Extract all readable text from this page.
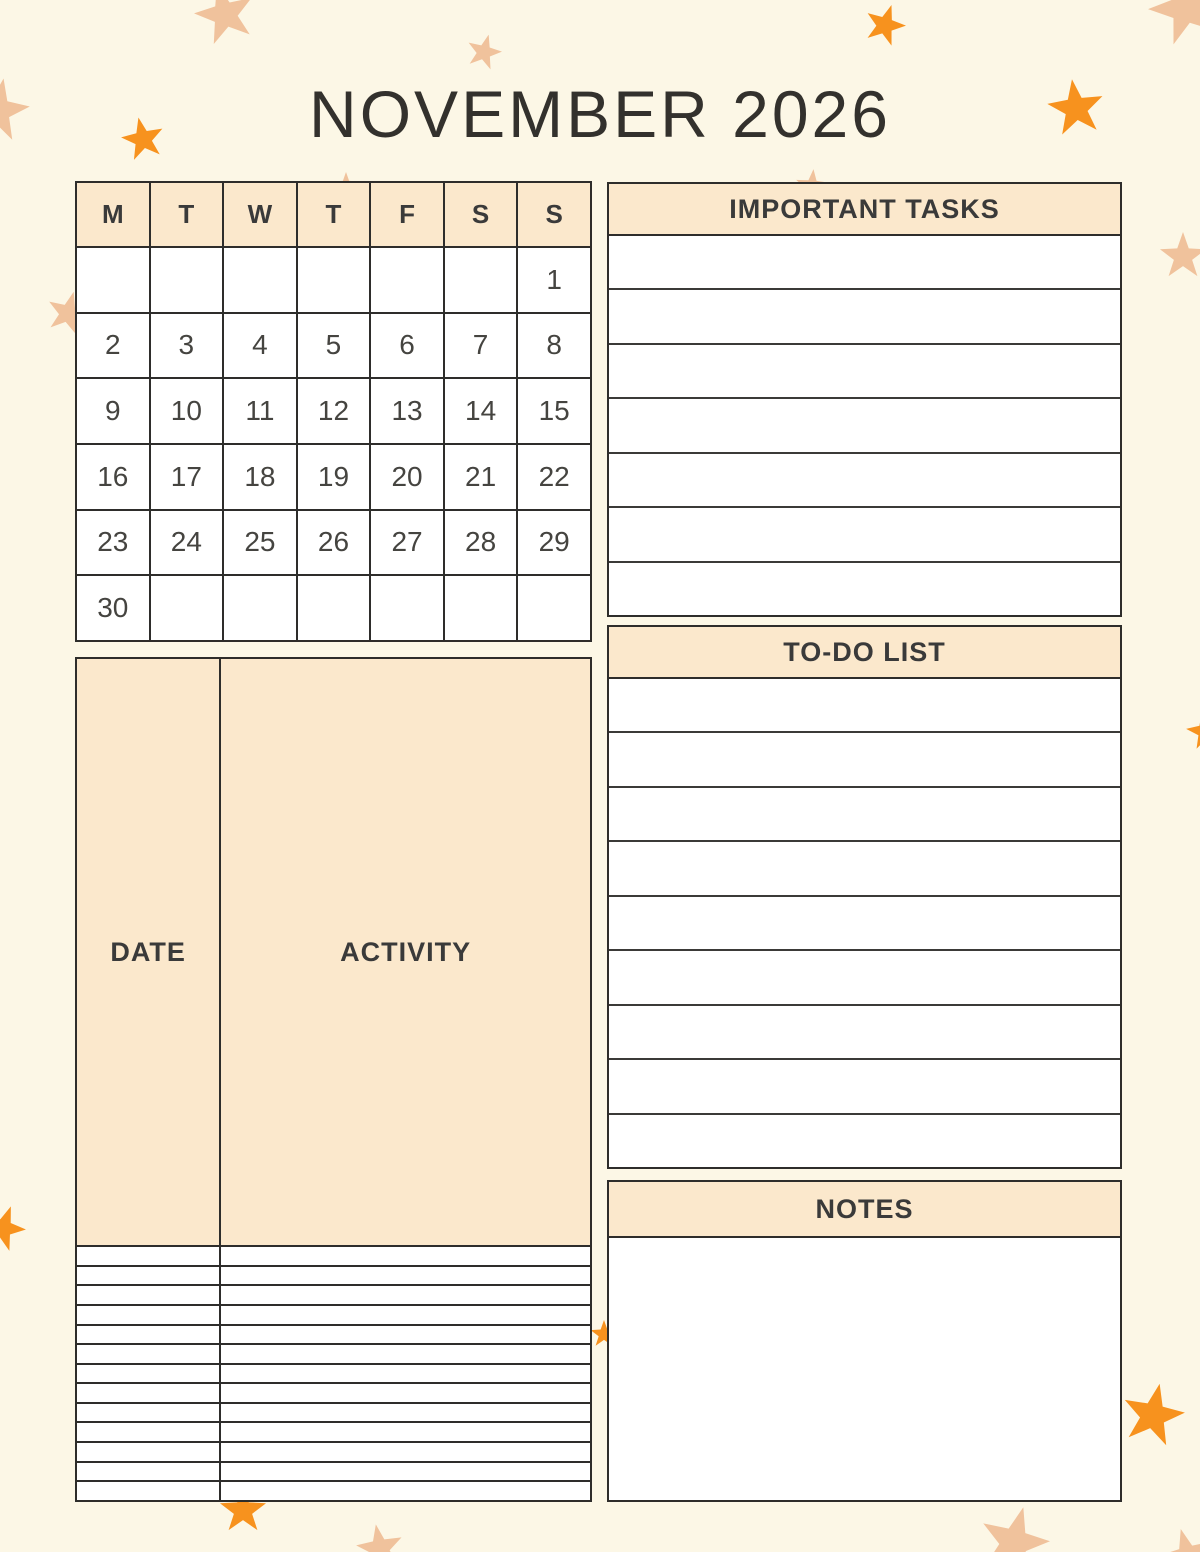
NOVEMBER 2026
M	T	W	T	F	S	S
						1
2	3	4	5	6	7	8
9	10	11	12	13	14	15
16	17	18	19	20	21	22
23	24	25	26	27	28	29
30						
DATE	ACTIVITY

IMPORTANT TASKS
TO-DO LIST
NOTES
